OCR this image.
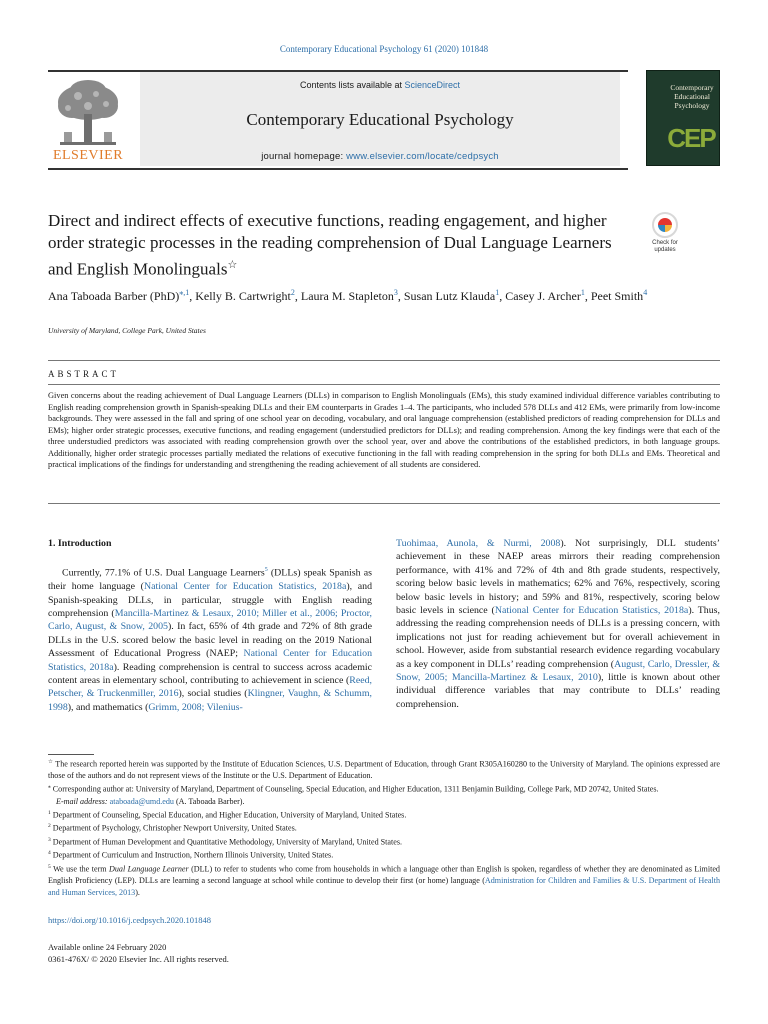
Contemporary Educational Psychology 61 (2020) 101848
ELSEVIER
Contents lists available at ScienceDirect
Contemporary Educational Psychology
journal homepage: www.elsevier.com/locate/cedpsych
Contemporary Educational Psychology
CEP
Direct and indirect effects of executive functions, reading engagement, and higher order strategic processes in the reading comprehension of Dual Language Learners and English Monolinguals☆
Check for updates
Ana Taboada Barber (PhD)$^{⁎,1}$, Kelly B. Cartwright$^2$, Laura M. Stapleton$^3$, Susan Lutz Klauda$^1$, Casey J. Archer$^1$, Peet Smith$^4$
University of Maryland, College Park, United States
ABSTRACT
Given concerns about the reading achievement of Dual Language Learners (DLLs) in comparison to English Monolinguals (EMs), this study examined individual difference variables contributing to English reading comprehension growth in Spanish-speaking DLLs and their EM counterparts in Grades 1–4. The participants, who included 578 DLLs and 412 EMs, were primarily from low-income backgrounds. They were assessed in the fall and spring of one school year on decoding, vocabulary, and oral language comprehension (established predictors of reading comprehension for DLLs and EMs); higher order strategic processes, executive functions, and reading engagement (understudied predictors for DLLs); and reading comprehension. Among the key findings were that each of the three understudied predictors was associated with reading comprehension growth over the school year, over and above the contributions of the established predictors, in both language groups. Additionally, higher order strategic processes partially mediated the relations of executive functioning in the fall with reading comprehension in the spring for both DLLs and EMs. Theoretical and practical implications of the findings for understanding and strengthening the reading achievement of all students are considered.
1. Introduction
Currently, 77.1% of U.S. Dual Language Learners$^5$ (DLLs) speak Spanish as their home language (National Center for Education Statistics, 2018a), and Spanish-speaking DLLs, in particular, struggle with English reading comprehension (Mancilla-Martinez & Lesaux, 2010; Miller et al., 2006; Proctor, Carlo, August, & Snow, 2005). In fact, 65% of 4th grade and 72% of 8th grade DLLs in the U.S. scored below the basic level in reading on the 2019 National Assessment of Educational Progress (NAEP; National Center for Education Statistics, 2018a). Reading comprehension is central to success across academic content areas in elementary school, contributing to achievement in science (Reed, Petscher, & Truckenmiller, 2016), social studies (Klingner, Vaughn, & Schumm, 1998), and mathematics (Grimm, 2008; Vilenius-
Tuohimaa, Aunola, & Nurmi, 2008). Not surprisingly, DLL students’ achievement in these NAEP areas mirrors their reading comprehension performance, with 41% and 72% of 4th and 8th grade students, respectively, scoring below basic levels in mathematics; 62% and 76%, respectively, scoring below basic levels in history; and 59% and 81%, respectively, scoring below basic levels in science (National Center for Education Statistics, 2018a). Thus, addressing the reading comprehension needs of DLLs is a pressing concern, with implications not just for reading achievement but for overall achievement in school. However, aside from substantial research evidence regarding vocabulary as a key component in DLLs’ reading comprehension (August, Carlo, Dressler, & Snow, 2005; Mancilla-Martinez & Lesaux, 2010), little is known about other individual difference variables that may contribute to DLLs’ reading comprehension.
☆ The research reported herein was supported by the Institute of Education Sciences, U.S. Department of Education, through Grant R305A160280 to the University of Maryland. The opinions expressed are those of the authors and do not represent views of the Institute or the U.S. Department of Education.
⁎ Corresponding author at: University of Maryland, Department of Counseling, Special Education, and Higher Education, 1311 Benjamin Building, College Park, MD 20742, United States.
E-mail address: ataboada@umd.edu (A. Taboada Barber).
$^1$ Department of Counseling, Special Education, and Higher Education, University of Maryland, United States.
$^2$ Department of Psychology, Christopher Newport University, United States.
$^3$ Department of Human Development and Quantitative Methodology, University of Maryland, United States.
$^4$ Department of Curriculum and Instruction, Northern Illinois University, United States.
$^5$ We use the term Dual Language Learner (DLL) to refer to students who come from households in which a language other than English is spoken, regardless of whether they are denominated as Limited English Proficiency (LEP). DLLs are learning a second language at school while continue to develop their first (or home) language (Administration for Children and Families & U.S. Department of Health and Human Services, 2013).
https://doi.org/10.1016/j.cedpsych.2020.101848
Available online 24 February 2020
0361-476X/ © 2020 Elsevier Inc. All rights reserved.
